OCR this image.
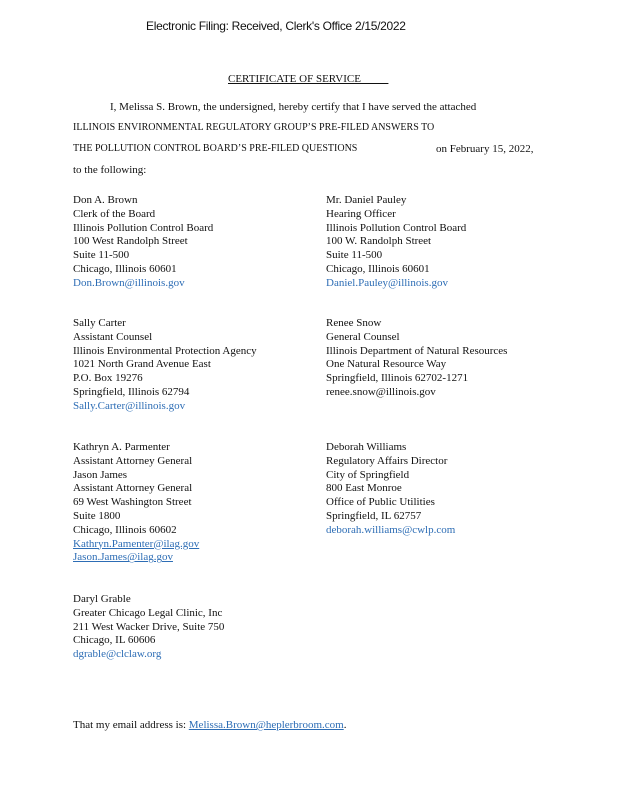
Electronic Filing: Received, Clerk's Office 2/15/2022
CERTIFICATE OF SERVICE
I, Melissa S. Brown, the undersigned, hereby certify that I have served the attached
ILLINOIS ENVIRONMENTAL REGULATORY GROUP’S PRE-FILED ANSWERS TO
THE POLLUTION CONTROL BOARD’S PRE-FILED QUESTIONS	on February 15, 2022,
to the following:
Don A. Brown
Clerk of the Board
Illinois Pollution Control Board
100 West Randolph Street
Suite 11-500
Chicago, Illinois 60601
Don.Brown@illinois.gov
Mr. Daniel Pauley
Hearing Officer
Illinois Pollution Control Board
100 W. Randolph Street
Suite 11-500
Chicago, Illinois 60601
Daniel.Pauley@illinois.gov
Sally Carter
Assistant Counsel
Illinois Environmental Protection Agency
1021 North Grand Avenue East
P.O. Box 19276
Springfield, Illinois 62794
Sally.Carter@illinois.gov
Renee Snow
General Counsel
Illinois Department of Natural Resources
One Natural Resource Way
Springfield, Illinois 62702-1271
renee.snow@illinois.gov
Kathryn A. Parmenter
Assistant Attorney General
Jason James
Assistant Attorney General
69 West Washington Street
Suite 1800
Chicago, Illinois 60602
Kathryn.Pamenter@ilag.gov
Jason.James@ilag.gov
Deborah Williams
Regulatory Affairs Director
City of Springfield
800 East Monroe
Office of Public Utilities
Springfield, IL 62757
deborah.williams@cwlp.com
Daryl Grable
Greater Chicago Legal Clinic, Inc
211 West Wacker Drive, Suite 750
Chicago, IL 60606
dgrable@clclaw.org
That my email address is: Melissa.Brown@heplerbroom.com.
